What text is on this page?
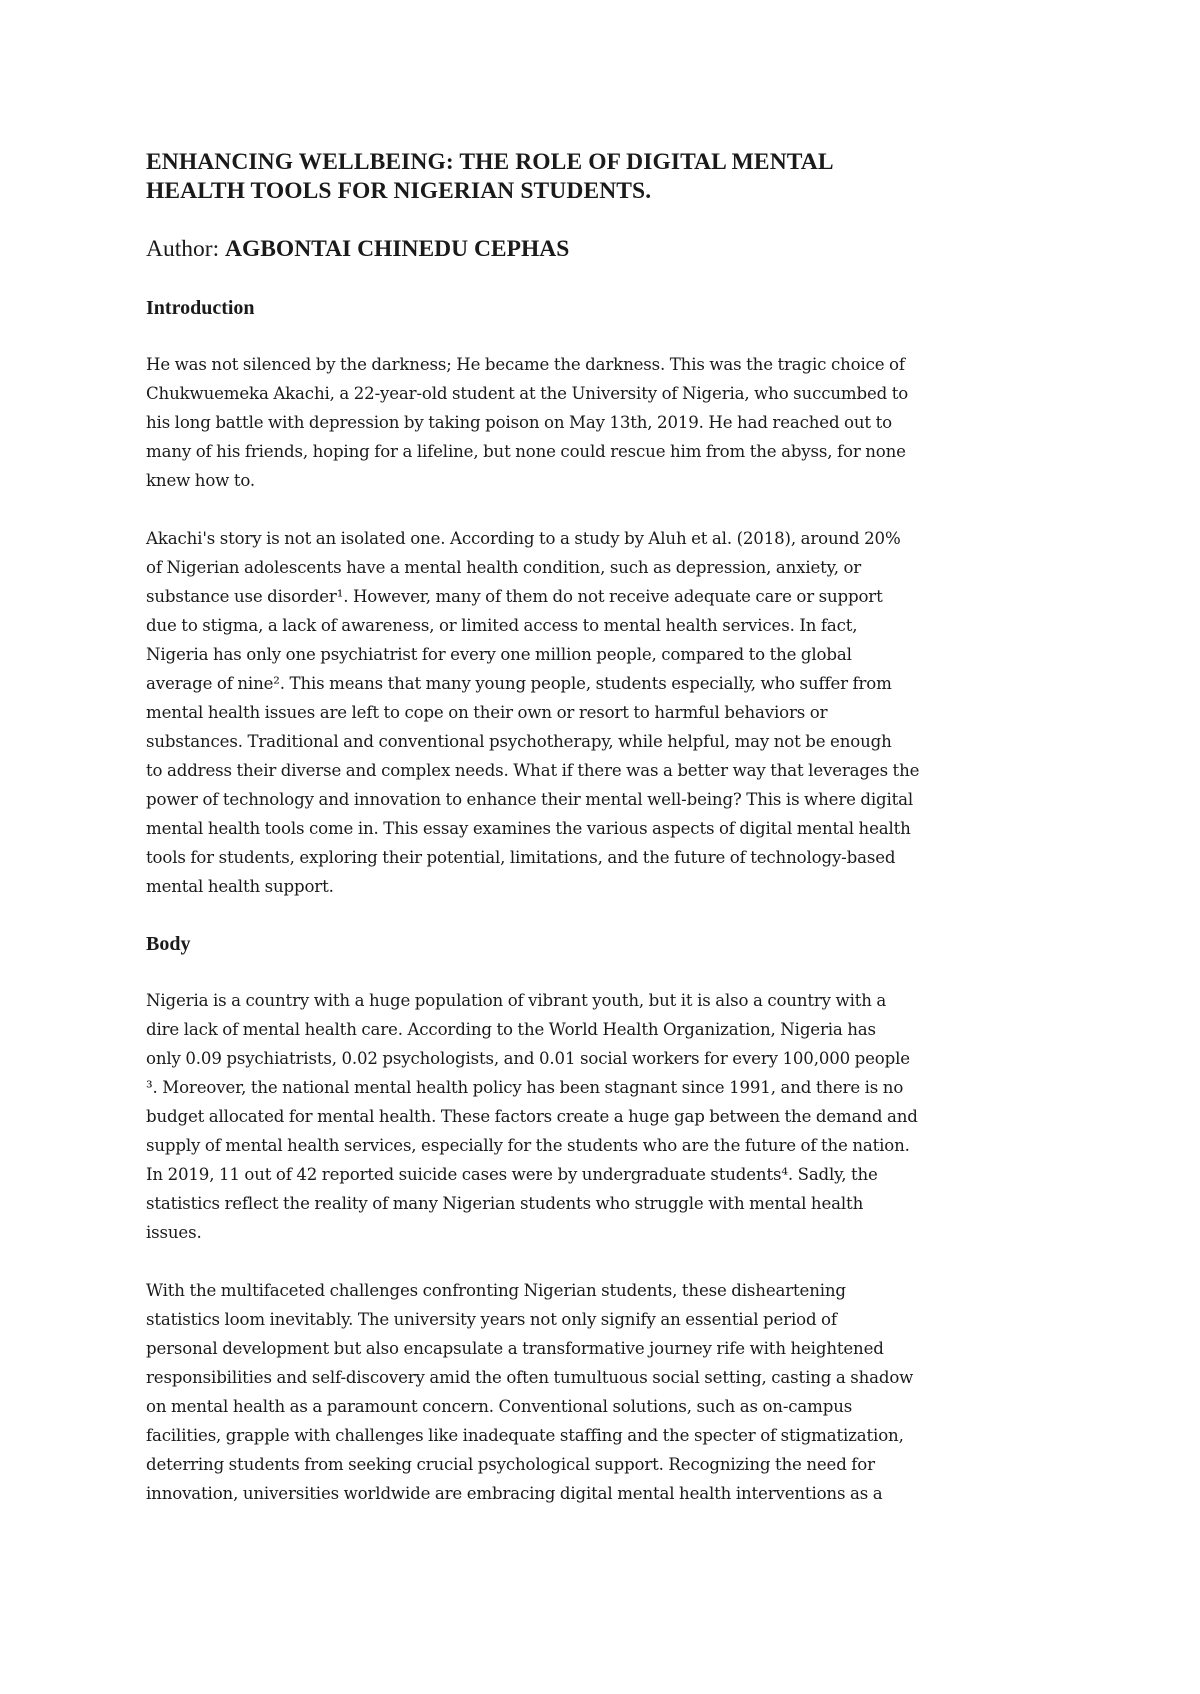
ENHANCING WELLBEING: THE ROLE OF DIGITAL MENTAL
HEALTH TOOLS FOR NIGERIAN STUDENTS.

Author: AGBONTAI CHINEDU CEPHAS

Introduction

He was not silenced by the darkness; He became the darkness. This was the tragic choice of
Chukwuemeka Akachi, a 22-year-old student at the University of Nigeria, who succumbed to
his long battle with depression by taking poison on May 13th, 2019. He had reached out to
many of his friends, hoping for a lifeline, but none could rescue him from the abyss, for none
knew how to.

Akachi's story is not an isolated one. According to a study by Aluh et al. (2018), around 20%
of Nigerian adolescents have a mental health condition, such as depression, anxiety, or
substance use disorder¹. However, many of them do not receive adequate care or support
due to stigma, a lack of awareness, or limited access to mental health services. In fact,
Nigeria has only one psychiatrist for every one million people, compared to the global
average of nine². This means that many young people, students especially, who suffer from
mental health issues are left to cope on their own or resort to harmful behaviors or
substances. Traditional and conventional psychotherapy, while helpful, may not be enough
to address their diverse and complex needs. What if there was a better way that leverages the
power of technology and innovation to enhance their mental well-being? This is where digital
mental health tools come in. This essay examines the various aspects of digital mental health
tools for students, exploring their potential, limitations, and the future of technology-based
mental health support.

Body

Nigeria is a country with a huge population of vibrant youth, but it is also a country with a
dire lack of mental health care. According to the World Health Organization, Nigeria has
only 0.09 psychiatrists, 0.02 psychologists, and 0.01 social workers for every 100,000 people
³. Moreover, the national mental health policy has been stagnant since 1991, and there is no
budget allocated for mental health. These factors create a huge gap between the demand and
supply of mental health services, especially for the students who are the future of the nation.
In 2019, 11 out of 42 reported suicide cases were by undergraduate students⁴. Sadly, the
statistics reflect the reality of many Nigerian students who struggle with mental health
issues.

With the multifaceted challenges confronting Nigerian students, these disheartening
statistics loom inevitably. The university years not only signify an essential period of
personal development but also encapsulate a transformative journey rife with heightened
responsibilities and self-discovery amid the often tumultuous social setting, casting a shadow
on mental health as a paramount concern. Conventional solutions, such as on-campus
facilities, grapple with challenges like inadequate staffing and the specter of stigmatization,
deterring students from seeking crucial psychological support. Recognizing the need for
innovation, universities worldwide are embracing digital mental health interventions as a
